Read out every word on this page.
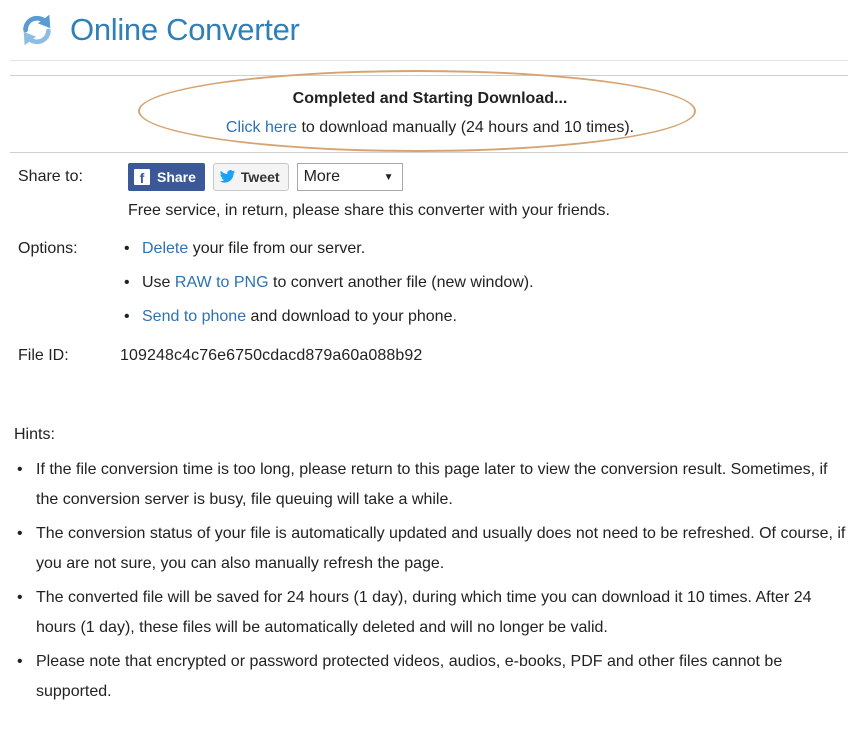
Online Converter
Completed and Starting Download...
Click here to download manually (24 hours and 10 times).
Share to:	f Share	Tweet More	▼
Free service, in return, please share this converter with your friends.
Options:
•	Delete your file from our server.
• Use RAW to PNG to convert another file (new window).
• Send to phone and download to your phone.
File ID:	109248c4c76e6750cdacd879a60a088b92
Hints:
• If the file conversion time is too long, please return to this page later to view the conversion result. Sometimes, if the conversion server is busy, file queuing will take a while.
• The conversion status of your file is automatically updated and usually does not need to be refreshed. Of course, if you are not sure, you can also manually refresh the page.
• The converted file will be saved for 24 hours (1 day), during which time you can download it 10 times. After 24 hours (1 day), these files will be automatically deleted and will no longer be valid.
• Please note that encrypted or password protected videos, audios, e-books, PDF and other files cannot be supported.
